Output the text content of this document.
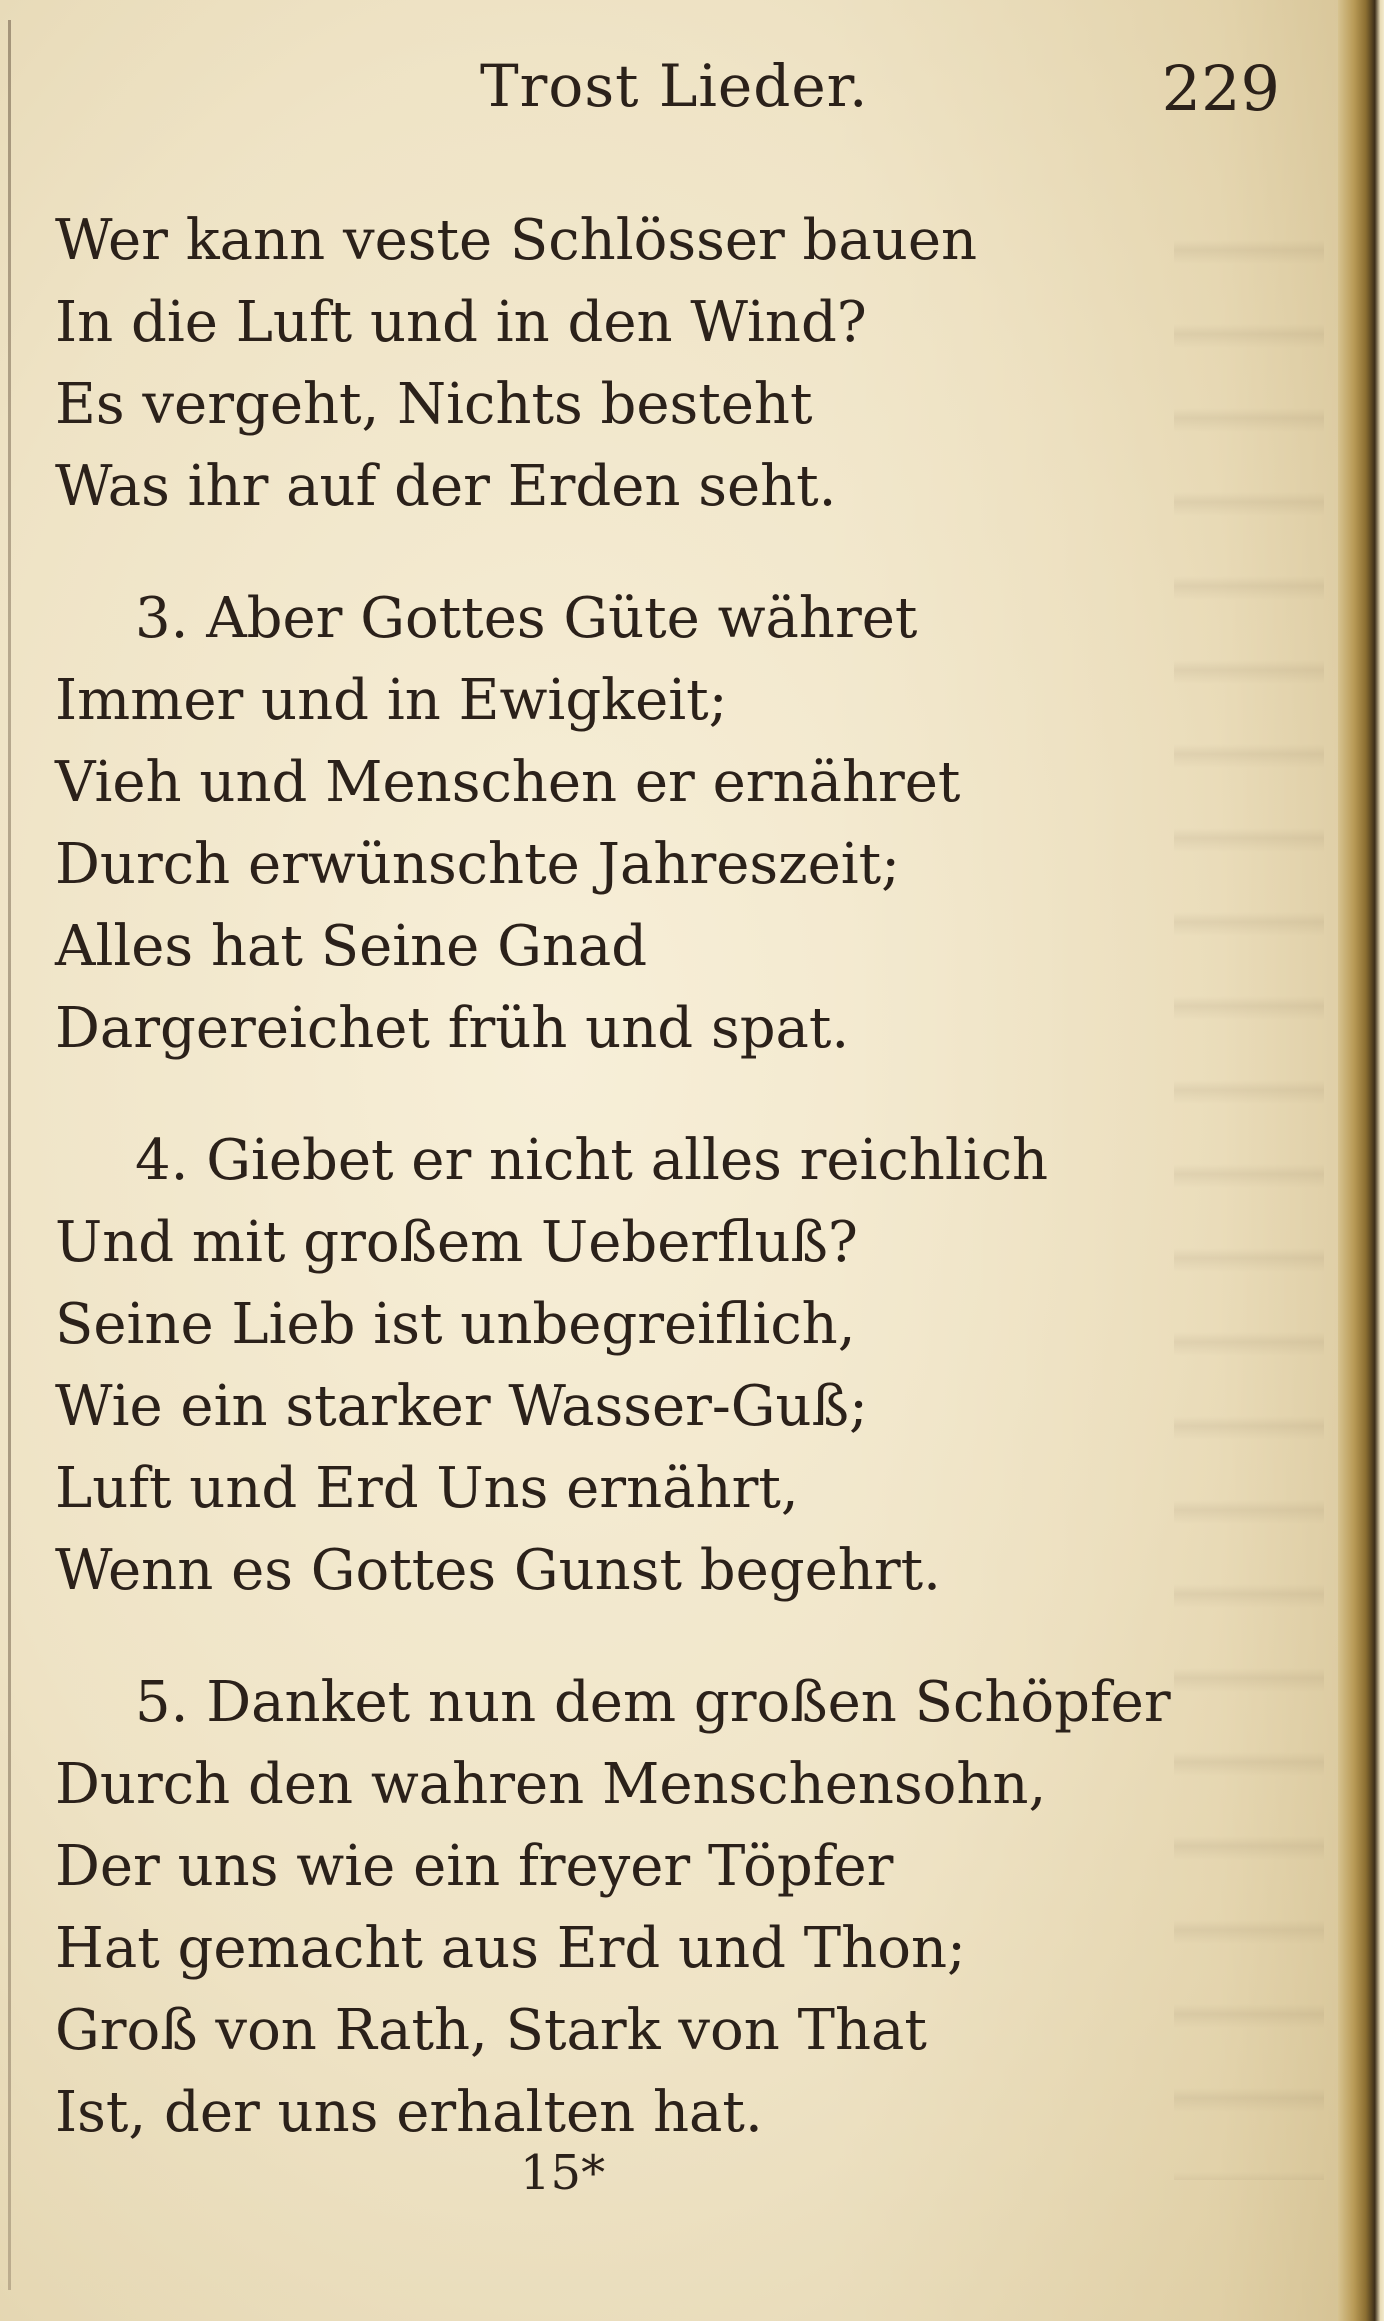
Trost Lieder.	229
Wer kann veste Schlösser bauen
In die Luft und in den Wind?
Es vergeht, Nichts besteht
Was ihr auf der Erden seht.
3. Aber Gottes Güte währet
Immer und in Ewigkeit;
Vieh und Menschen er ernähret
Durch erwünschte Jahreszeit;
Alles hat Seine Gnad
Dargereichet früh und spat.
4. Giebet er nicht alles reichlich
Und mit großem Ueberfluß?
Seine Lieb ist unbegreiflich,
Wie ein starker Wasser-Guß;
Luft und Erd Uns ernährt,
Wenn es Gottes Gunst begehrt.
5. Danket nun dem großen Schöpfer
Durch den wahren Menschensohn,
Der uns wie ein freyer Töpfer
Hat gemacht aus Erd und Thon;
Groß von Rath, Stark von That
Ist, der uns erhalten hat.
15*
